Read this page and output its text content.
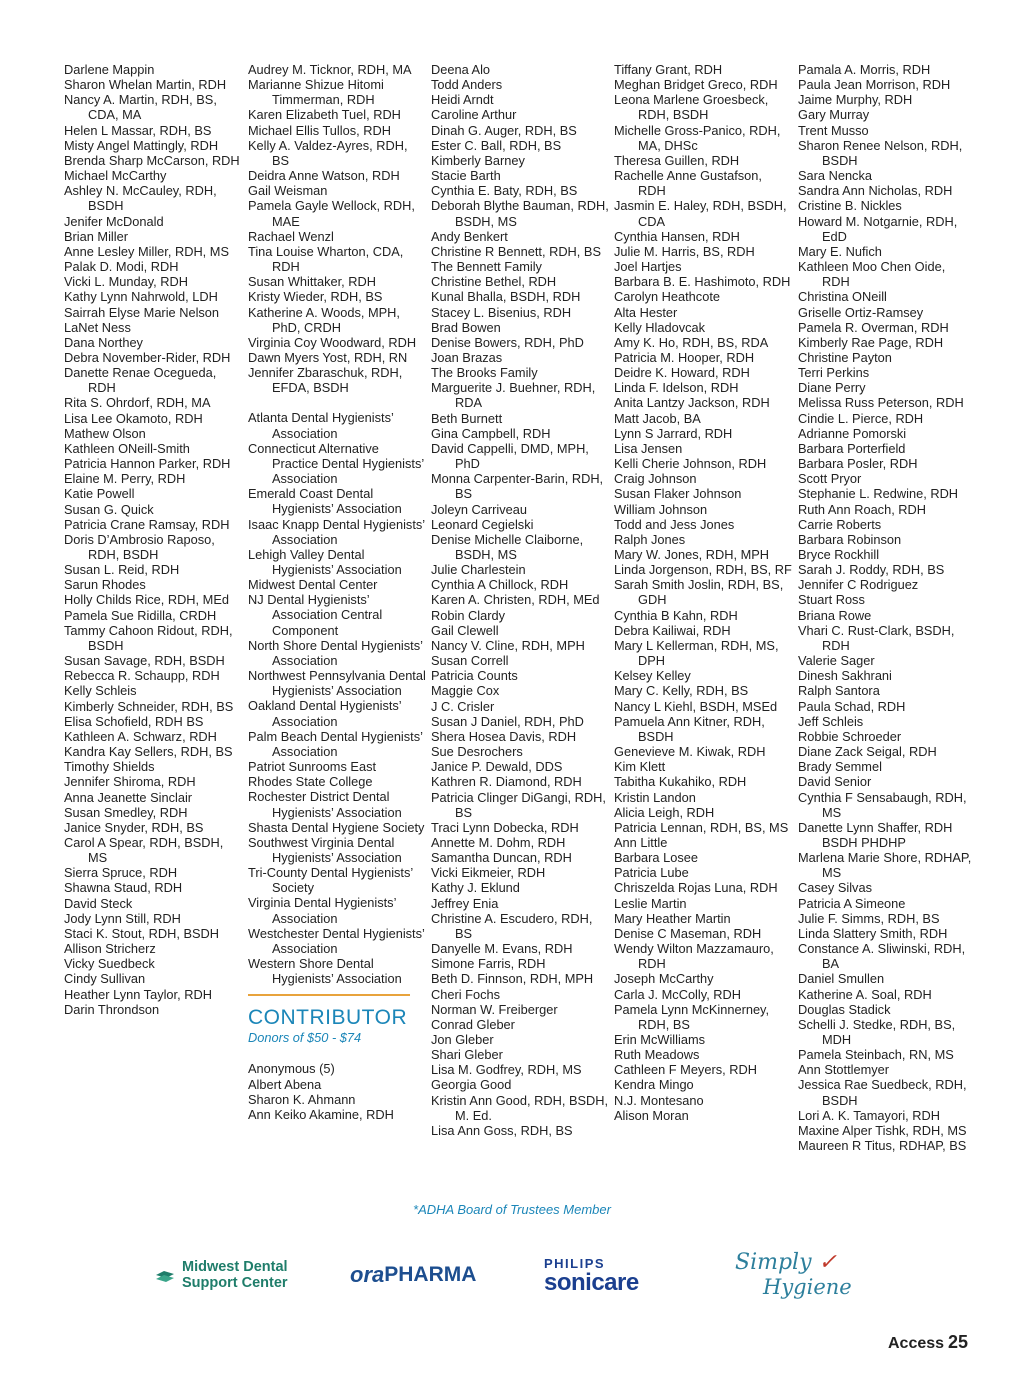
Darlene Mappin
Sharon Whelan Martin, RDH
Nancy A. Martin, RDH, BS, CDA, MA
Helen L Massar, RDH, BS
Misty Angel Mattingly, RDH
Brenda Sharp McCarson, RDH
Michael McCarthy
Ashley N. McCauley, RDH, BSDH
Jenifer McDonald
Brian Miller
Anne Lesley Miller, RDH, MS
Palak D. Modi, RDH
Vicki L. Munday, RDH
Kathy Lynn Nahrwold, LDH
Sairrah Elyse Marie Nelson
LaNet Ness
Dana Northey
Debra November-Rider, RDH
Danette Renae Ocegueda, RDH
Rita S. Ohrdorf, RDH, MA
Lisa Lee Okamoto, RDH
Mathew Olson
Kathleen ONeill-Smith
Patricia Hannon Parker, RDH
Elaine M. Perry, RDH
Katie Powell
Susan G. Quick
Patricia Crane Ramsay, RDH
Doris D’Ambrosio Raposo, RDH, BSDH
Susan L. Reid, RDH
Sarun Rhodes
Holly Childs Rice, RDH, MEd
Pamela Sue Ridilla, CRDH
Tammy Cahoon Ridout, RDH, BSDH
Susan Savage, RDH, BSDH
Rebecca R. Schaupp, RDH
Kelly Schleis
Kimberly Schneider, RDH, BS
Elisa Schofield, RDH BS
Kathleen A. Schwarz, RDH
Kandra Kay Sellers, RDH, BS
Timothy Shields
Jennifer Shiroma, RDH
Anna Jeanette Sinclair
Susan Smedley, RDH
Janice Snyder, RDH, BS
Carol A Spear, RDH, BSDH, MS
Sierra Spruce, RDH
Shawna Staud, RDH
David Steck
Jody Lynn Still, RDH
Staci K. Stout, RDH, BSDH
Allison Stricherz
Vicky Suedbeck
Cindy Sullivan
Heather Lynn Taylor, RDH
Darin Throndson
Audrey M. Ticknor, RDH, MA
Marianne Shizue Hitomi Timmerman, RDH
Karen Elizabeth Tuel, RDH
Michael Ellis Tullos, RDH
Kelly A. Valdez-Ayres, RDH, BS
Deidra Anne Watson, RDH
Gail Weisman
Pamela Gayle Wellock, RDH, MAE
Rachael Wenzl
Tina Louise Wharton, CDA, RDH
Susan Whittaker, RDH
Kristy Wieder, RDH, BS
Katherine A. Woods, MPH, PhD, CRDH
Virginia Coy Woodward, RDH
Dawn Myers Yost, RDH, RN
Jennifer Zbaraschuk, RDH, EFDA, BSDH
Atlanta Dental Hygienists’ Association
Connecticut Alternative Practice Dental Hygienists’ Association
Emerald Coast Dental Hygienists’ Association
Isaac Knapp Dental Hygienists’ Association
Lehigh Valley Dental Hygienists’ Association
Midwest Dental Center
NJ Dental Hygienists’ Association Central Component
North Shore Dental Hygienists’ Association
Northwest Pennsylvania Dental Hygienists’ Association
Oakland Dental Hygienists’ Association
Palm Beach Dental Hygienists’ Association
Patriot Sunrooms East
Rhodes State College
Rochester District Dental Hygienists’ Association
Shasta Dental Hygiene Society
Southwest Virginia Dental Hygienists’ Association
Tri-County Dental Hygienists’ Society
Virginia Dental Hygienists’ Association
Westchester Dental Hygienists’ Association
Western Shore Dental Hygienists’ Association
CONTRIBUTOR
Donors of $50 - $74
Anonymous (5)
Albert Abena
Sharon K. Ahmann
Ann Keiko Akamine, RDH
Deena Alo
Todd Anders
Heidi Arndt
Caroline Arthur
Dinah G. Auger, RDH, BS
Ester C. Ball, RDH, BS
Kimberly Barney
Stacie Barth
Cynthia E. Baty, RDH, BS
Deborah Blythe Bauman, RDH, BSDH, MS
Andy Benkert
Christine R Bennett, RDH, BS
The Bennett Family
Christine Bethel, RDH
Kunal Bhalla, BSDH, RDH
Stacey L. Bisenius, RDH
Brad Bowen
Denise Bowers, RDH, PhD
Joan Brazas
The Brooks Family
Marguerite J. Buehner, RDH, RDA
Beth Burnett
Gina Campbell, RDH
David Cappelli, DMD, MPH, PhD
Monna Carpenter-Barin, RDH, BS
Joleyn Carriveau
Leonard Cegielski
Denise Michelle Claiborne, BSDH, MS
Julie Charlestein
Cynthia A Chillock, RDH
Karen A. Christen, RDH, MEd
Robin Clardy
Gail Clewell
Nancy V. Cline, RDH, MPH
Susan Correll
Patricia Counts
Maggie Cox
J C. Crisler
Susan J Daniel, RDH, PhD
Shera Hosea Davis, RDH
Sue Desrochers
Janice P. Dewald, DDS
Kathren R. Diamond, RDH
Patricia Clinger DiGangi, RDH, BS
Traci Lynn Dobecka, RDH
Annette M. Dohm, RDH
Samantha Duncan, RDH
Vicki Eikmeier, RDH
Kathy J. Eklund
Jeffrey Enia
Christine A. Escudero, RDH, BS
Danyelle M. Evans, RDH
Simone Farris, RDH
Beth D. Finnson, RDH, MPH
Cheri Fochs
Norman W. Freiberger
Conrad Gleber
Jon Gleber
Shari Gleber
Lisa M. Godfrey, RDH, MS
Georgia Good
Kristin Ann Good, RDH, BSDH, M. Ed.
Lisa Ann Goss, RDH, BS
Tiffany Grant, RDH
Meghan Bridget Greco, RDH
Leona Marlene Groesbeck, RDH, BSDH
Michelle Gross-Panico, RDH, MA, DHSc
Theresa Guillen, RDH
Rachelle Anne Gustafson, RDH
Jasmin E. Haley, RDH, BSDH, CDA
Cynthia Hansen, RDH
Julie M. Harris, BS, RDH
Joel Hartjes
Barbara B. E. Hashimoto, RDH
Carolyn Heathcote
Alta Hester
Kelly Hladovcak
Amy K. Ho, RDH, BS, RDA
Patricia M. Hooper, RDH
Deidre K. Howard, RDH
Linda F. Idelson, RDH
Anita Lantzy Jackson, RDH
Matt Jacob, BA
Lynn S Jarrard, RDH
Lisa Jensen
Kelli Cherie Johnson, RDH
Craig Johnson
Susan Flaker Johnson
William Johnson
Todd and Jess Jones
Ralph Jones
Mary W. Jones, RDH, MPH
Linda Jorgenson, RDH, BS, RF
Sarah Smith Joslin, RDH, BS, GDH
Cynthia B Kahn, RDH
Debra Kailiwai, RDH
Mary L Kellerman, RDH, MS, DPH
Kelsey Kelley
Mary C. Kelly, RDH, BS
Nancy L Kiehl, BSDH, MSEd
Pamuela Ann Kitner, RDH, BSDH
Genevieve M. Kiwak, RDH
Kim Klett
Tabitha Kukahiko, RDH
Kristin Landon
Alicia Leigh, RDH
Patricia Lennan, RDH, BS, MS
Ann Little
Barbara Losee
Patricia Lube
Chriszelda Rojas Luna, RDH
Leslie Martin
Mary Heather Martin
Denise C Maseman, RDH
Wendy Wilton Mazzamauro, RDH
Joseph McCarthy
Carla J. McColly, RDH
Pamela Lynn McKinnerney, RDH, BS
Erin McWilliams
Ruth Meadows
Cathleen F Meyers, RDH
Kendra Mingo
N.J. Montesano
Alison Moran
Pamala A. Morris, RDH
Paula Jean Morrison, RDH
Jaime Murphy, RDH
Gary Murray
Trent Musso
Sharon Renee Nelson, RDH, BSDH
Sara Nencka
Sandra Ann Nicholas, RDH
Cristine B. Nickles
Howard M. Notgarnie, RDH, EdD
Mary E. Nufich
Kathleen Moo Chen Oide, RDH
Christina ONeill
Griselle Ortiz-Ramsey
Pamela R. Overman, RDH
Kimberly Rae Page, RDH
Christine Payton
Terri Perkins
Diane Perry
Melissa Russ Peterson, RDH
Cindie L. Pierce, RDH
Adrianne Pomorski
Barbara Porterfield
Barbara Posler, RDH
Scott Pryor
Stephanie L. Redwine, RDH
Ruth Ann Roach, RDH
Carrie Roberts
Barbara Robinson
Bryce Rockhill
Sarah J. Roddy, RDH, BS
Jennifer C Rodriguez
Stuart Ross
Briana Rowe
Vhari C. Rust-Clark, BSDH, RDH
Valerie Sager
Dinesh Sakhrani
Ralph Santora
Paula Schad, RDH
Jeff Schleis
Robbie Schroeder
Diane Zack Seigal, RDH
Brady Semmel
David Senior
Cynthia F Sensabaugh, RDH, MS
Danette Lynn Shaffer, RDH BSDH PHDHP
Marlena Marie Shore, RDHAP, MS
Casey Silvas
Patricia A Simeone
Julie F. Simms, RDH, BS
Linda Slattery Smith, RDH
Constance A. Sliwinski, RDH, BA
Daniel Smullen
Katherine A. Soal, RDH
Douglas Stadick
Schelli J. Stedke, RDH, BS, MDH
Pamela Steinbach, RN, MS
Ann Stottlemyer
Jessica Rae Suedbeck, RDH, BSDH
Lori A. K. Tamayori, RDH
Maxine Alper Tishk, RDH, MS
Maureen R Titus, RDHAP, BS
*ADHA Board of Trustees Member
Midwest Dental
Support Center	ora PHARMA	PHILIPS
sonicare
Simply ✓
Hygiene
Access 25
